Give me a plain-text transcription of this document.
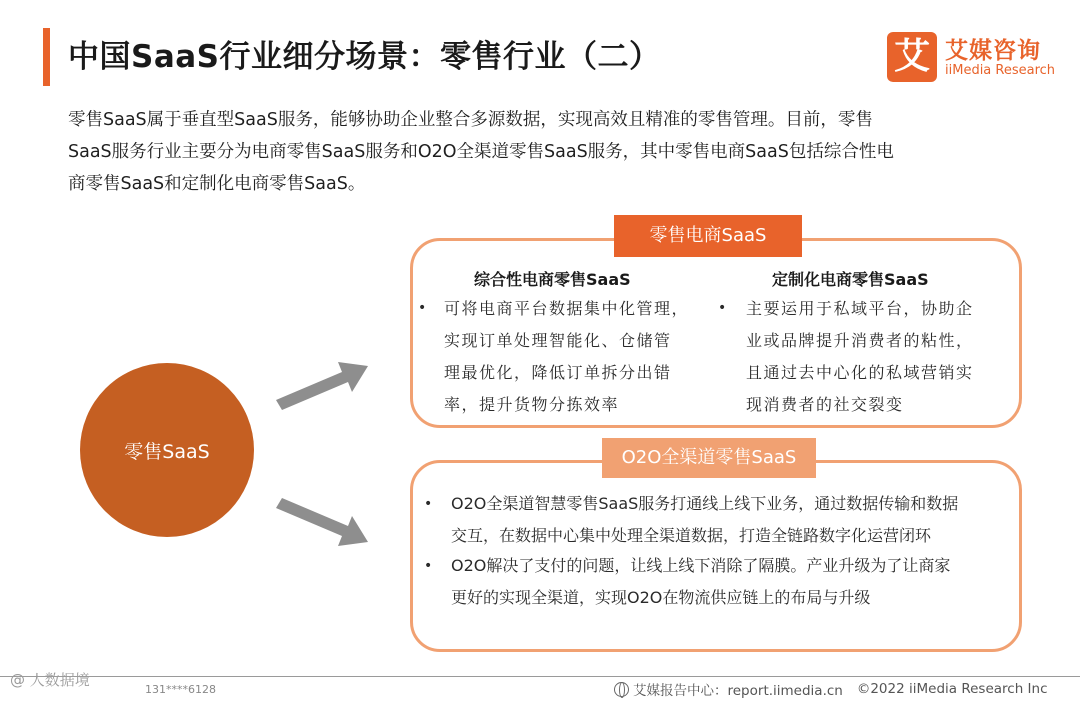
中国SaaS行业细分场景：零售行业（二）	艾 艾媒咨询
iiMedia Research
零售SaaS属于垂直型SaaS服务，能够协助企业整合多源数据，实现高效且精准的零售管理。目前，零售
SaaS服务行业主要分为电商零售SaaS服务和O2O全渠道零售SaaS服务，其中零售电商SaaS包括综合性电
商零售SaaS和定制化电商零售SaaS。
零售SaaS
零售电商SaaS
综合性电商零售SaaS
• 可将电商平台数据集中化管理，
实现订单处理智能化、仓储管
理最优化，降低订单拆分出错
率，提升货物分拣效率
定制化电商零售SaaS
• 主要运用于私域平台，协助企
业或品牌提升消费者的粘性，
且通过去中心化的私域营销实
现消费者的社交裂变
O2O全渠道零售SaaS
• O2O全渠道智慧零售SaaS服务打通线上线下业务，通过数据传输和数据
交互，在数据中心集中处理全渠道数据，打造全链路数字化运营闭环
• O2O解决了支付的问题，让线上线下消除了隔膜。产业升级为了让商家
更好的实现全渠道，实现O2O在物流供应链上的布局与升级
@ 人数据境
131****6128	艾媒报告中心：report.iimedia.cn ©2022 iiMedia Research Inc
